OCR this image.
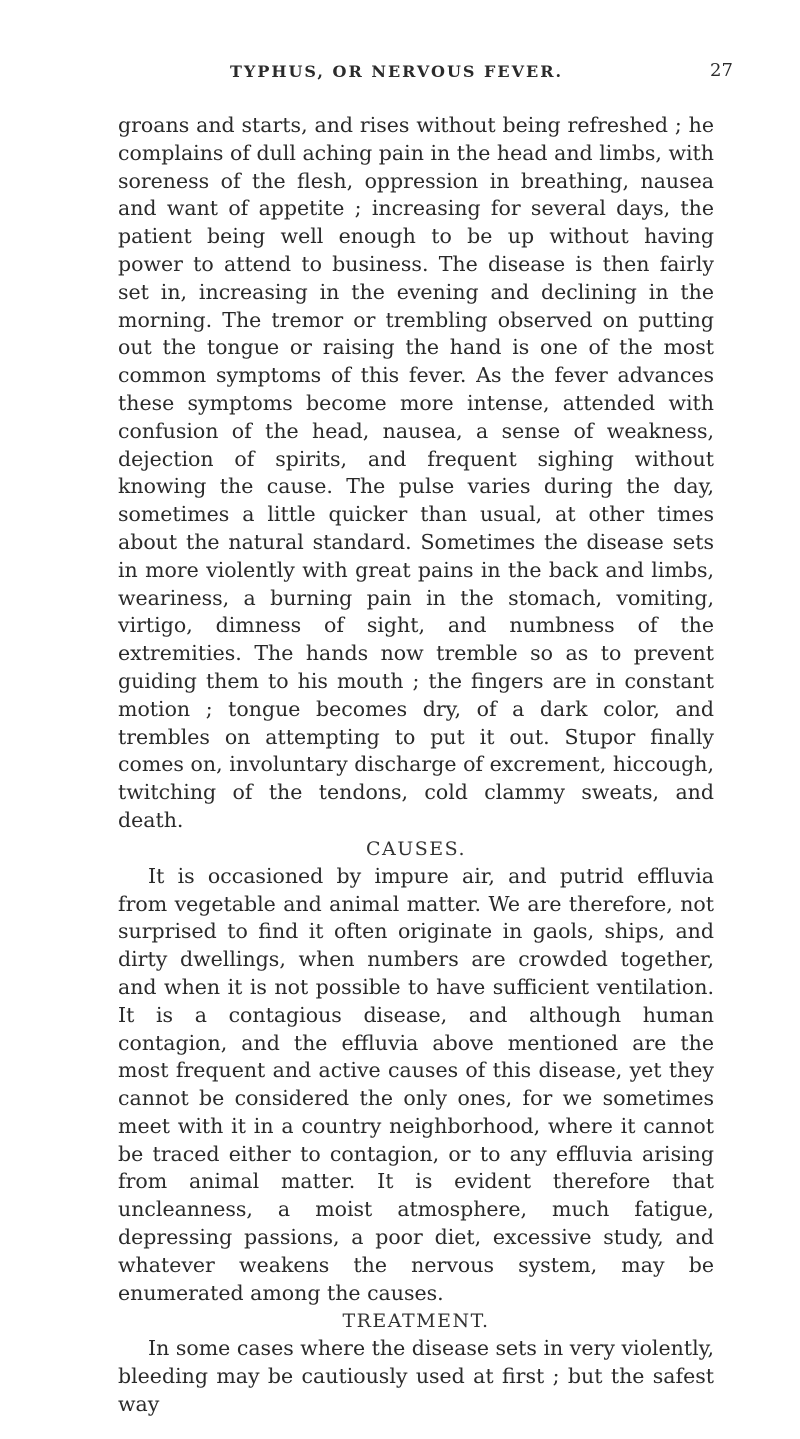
TYPHUS, OR NERVOUS FEVER.	27

groans and starts, and rises without being refreshed ; he complains of dull aching pain in the head and limbs, with soreness of the flesh, oppression in breathing, nausea and want of appetite ; increasing for several days, the patient being well enough to be up without having power to attend to business. The disease is then fairly set in, increasing in the evening and declining in the morning. The tremor or trembling observed on putting out the tongue or raising the hand is one of the most common symptoms of this fever. As the fever advances these symptoms become more intense, attended with confusion of the head, nausea, a sense of weakness, dejection of spirits, and frequent sighing without knowing the cause. The pulse varies during the day, sometimes a little quicker than usual, at other times about the natural standard. Sometimes the disease sets in more violently with great pains in the back and limbs, weariness, a burning pain in the stomach, vomiting, virtigo, dimness of sight, and numbness of the extremities. The hands now tremble so as to prevent guiding them to his mouth ; the fingers are in constant motion ; tongue becomes dry, of a dark color, and trembles on attempting to put it out. Stupor finally comes on, involuntary discharge of excrement, hiccough, twitching of the tendons, cold clammy sweats, and death.

CAUSES.

It is occasioned by impure air, and putrid effluvia from vegetable and animal matter. We are therefore, not surprised to find it often originate in gaols, ships, and dirty dwellings, when numbers are crowded together, and when it is not possible to have sufficient ventilation. It is a contagious disease, and although human contagion, and the effluvia above mentioned are the most frequent and active causes of this disease, yet they cannot be considered the only ones, for we sometimes meet with it in a country neighborhood, where it cannot be traced either to contagion, or to any effluvia arising from animal matter. It is evident therefore that uncleanness, a moist atmosphere, much fatigue, depressing passions, a poor diet, excessive study, and whatever weakens the nervous system, may be enumerated among the causes.

TREATMENT.

In some cases where the disease sets in very violently, bleeding may be cautiously used at first ; but the safest way
